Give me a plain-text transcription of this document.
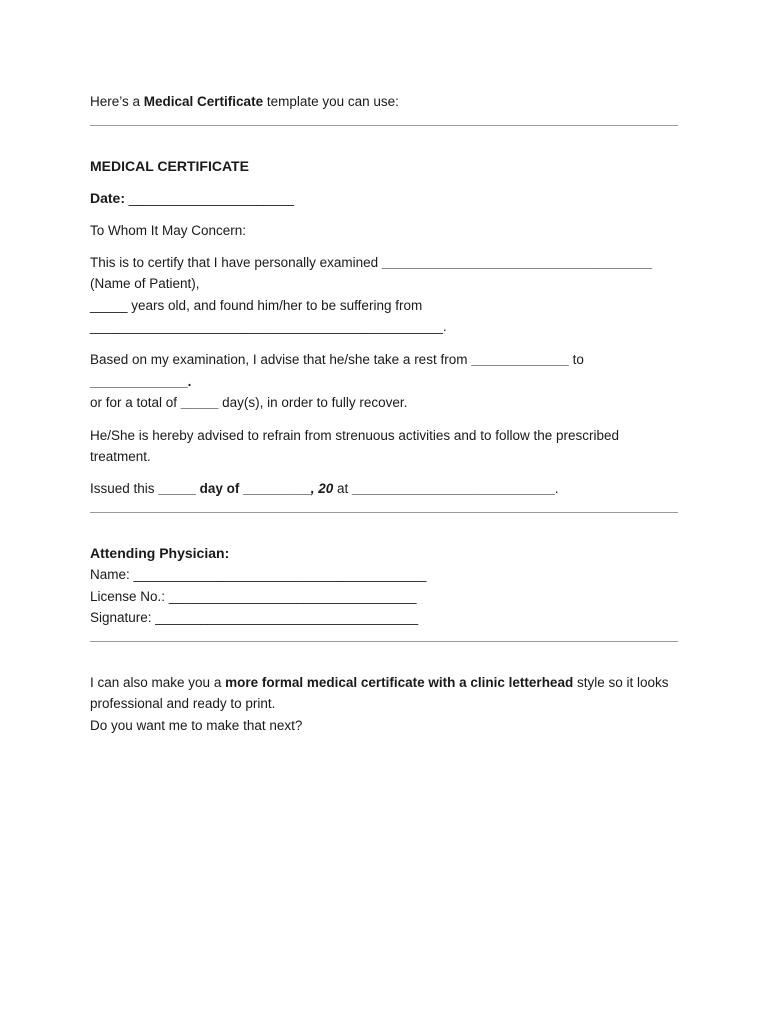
Here’s a Medical Certificate template you can use:
MEDICAL CERTIFICATE
Date: ______________________
To Whom It May Concern:
This is to certify that I have personally examined ____________________________________
(Name of Patient),
_____ years old, and found him/her to be suffering from
_______________________________________________.
Based on my examination, I advise that he/she take a rest from _____________ to
_____________.
or for a total of _____ day(s), in order to fully recover.
He/She is hereby advised to refrain from strenuous activities and to follow the prescribed
treatment.
Issued this _____ day of _________, 20 at ___________________________.
Attending Physician:
Name: _______________________________________
License No.: _________________________________
Signature: ___________________________________
I can also make you a more formal medical certificate with a clinic letterhead style so it looks
professional and ready to print.
Do you want me to make that next?
